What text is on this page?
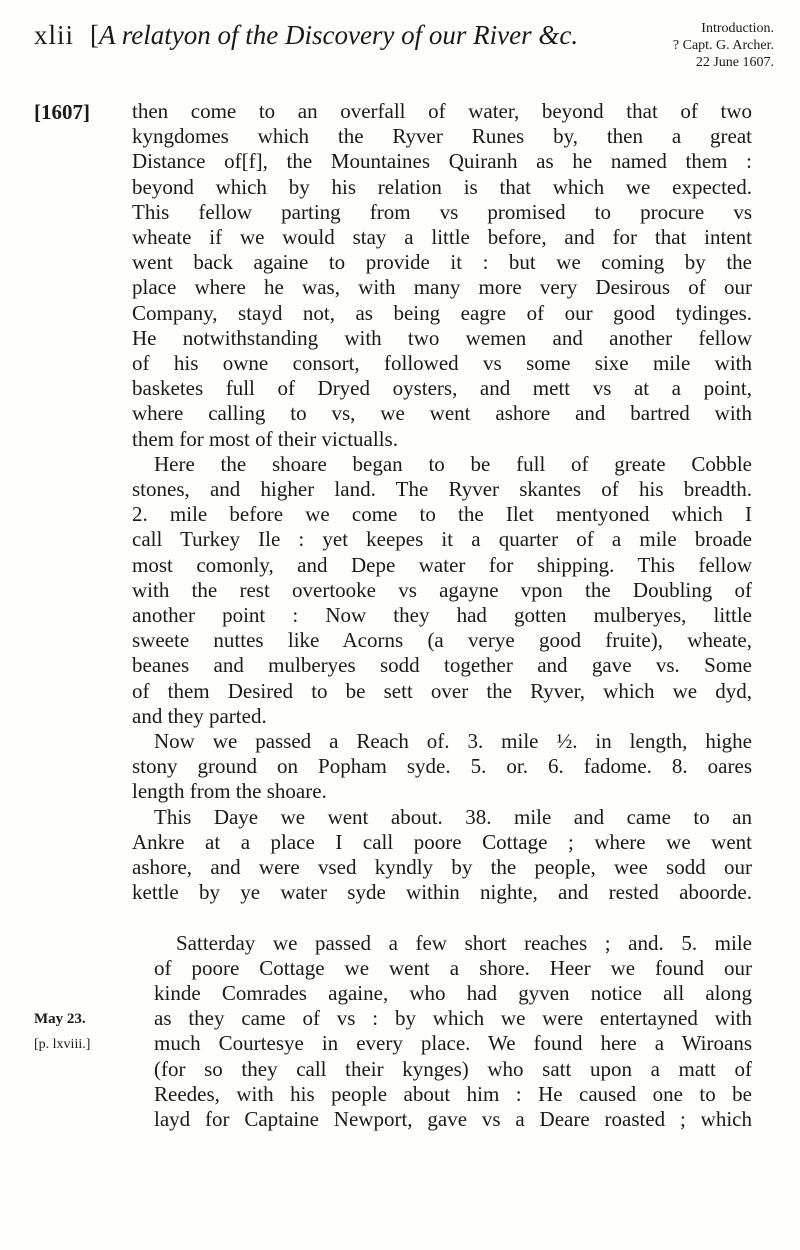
xlii [A relatyon of the Discovery of our River &c.	Introduction.
? Capt. G. Archer.
22 June 1607.
[1607]
May 23.
[p. lxviii.]

then come to an overfall of water, beyond that of two
kyngdomes which the Ryver Runes by, then a great
Distance of[f], the Mountaines Quiranh as he named them :
beyond which by his relation is that which we expected.
This fellow parting from vs promised to procure vs
wheate if we would stay a little before, and for that intent
went back againe to provide it : but we coming by the
place where he was, with many more very Desirous of our
Company, stayd not, as being eagre of our good tydinges.
He notwithstanding with two wemen and another fellow
of his owne consort, followed vs some sixe mile with
basketes full of Dryed oysters, and mett vs at a point,
where calling to vs, we went ashore and bartred with
them for most of their victualls.

Here the shoare began to be full of greate Cobble
stones, and higher land. The Ryver skantes of his breadth.
2. mile before we come to the Ilet mentyoned which I
call Turkey Ile : yet keepes it a quarter of a mile broade
most comonly, and Depe water for shipping. This fellow
with the rest overtooke vs agayne vpon the Doubling of
another point : Now they had gotten mulberyes, little
sweete nuttes like Acorns (a verye good fruite), wheate,
beanes and mulberyes sodd together and gave vs. Some
of them Desired to be sett over the Ryver, which we dyd,
and they parted.

Now we passed a Reach of. 3. mile ½. in length, highe
stony ground on Popham syde. 5. or. 6. fadome. 8. oares
length from the shoare.

This Daye we went about. 38. mile and came to an
Ankre at a place I call poore Cottage ; where we went
ashore, and were vsed kyndly by the people, wee sodd our
kettle by ye water syde within nighte, and rested aboorde.

Satterday we passed a few short reaches ; and. 5. mile
of poore Cottage we went a shore. Heer we found our
kinde Comrades againe, who had gyven notice all along
as they came of vs : by which we were entertayned with
much Courtesye in every place. We found here a Wiroans
(for so they call their kynges) who satt upon a matt of
Reedes, with his people about him : He caused one to be
layd for Captaine Newport, gave vs a Deare roasted ; which
